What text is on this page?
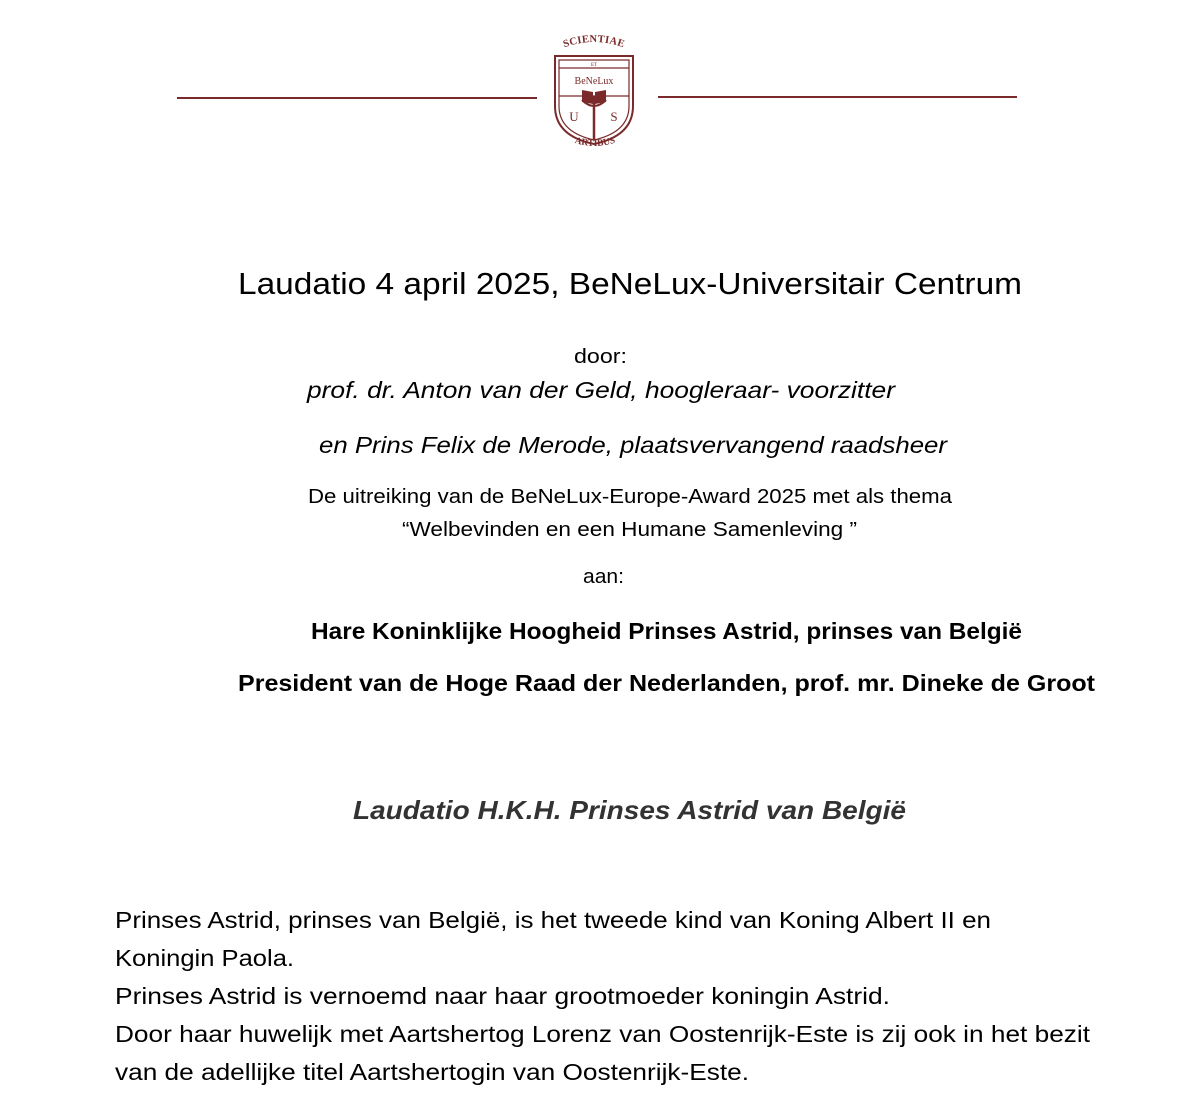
SCIENTIAE
ET
BeNeLux
U S
ARTIBUS
Laudatio 4 april 2025, BeNeLux-Universitair Centrum
door:
prof. dr. Anton van der Geld, hoogleraar- voorzitter
en Prins Felix de Merode, plaatsvervangend raadsheer
De uitreiking van de BeNeLux-Europe-Award 2025 met als thema
“Welbevinden en een Humane Samenleving ”
aan:
Hare Koninklijke Hoogheid Prinses Astrid, prinses van België
President van de Hoge Raad der Nederlanden, prof. mr. Dineke de Groot
Laudatio H.K.H. Prinses Astrid van België
Prinses Astrid, prinses van België, is het tweede kind van Koning Albert II en
Koningin Paola.
Prinses Astrid is vernoemd naar haar grootmoeder koningin Astrid.
Door haar huwelijk met Aartshertog Lorenz van Oostenrijk-Este is zij ook in het bezit
van de adellijke titel Aartshertogin van Oostenrijk-Este.
